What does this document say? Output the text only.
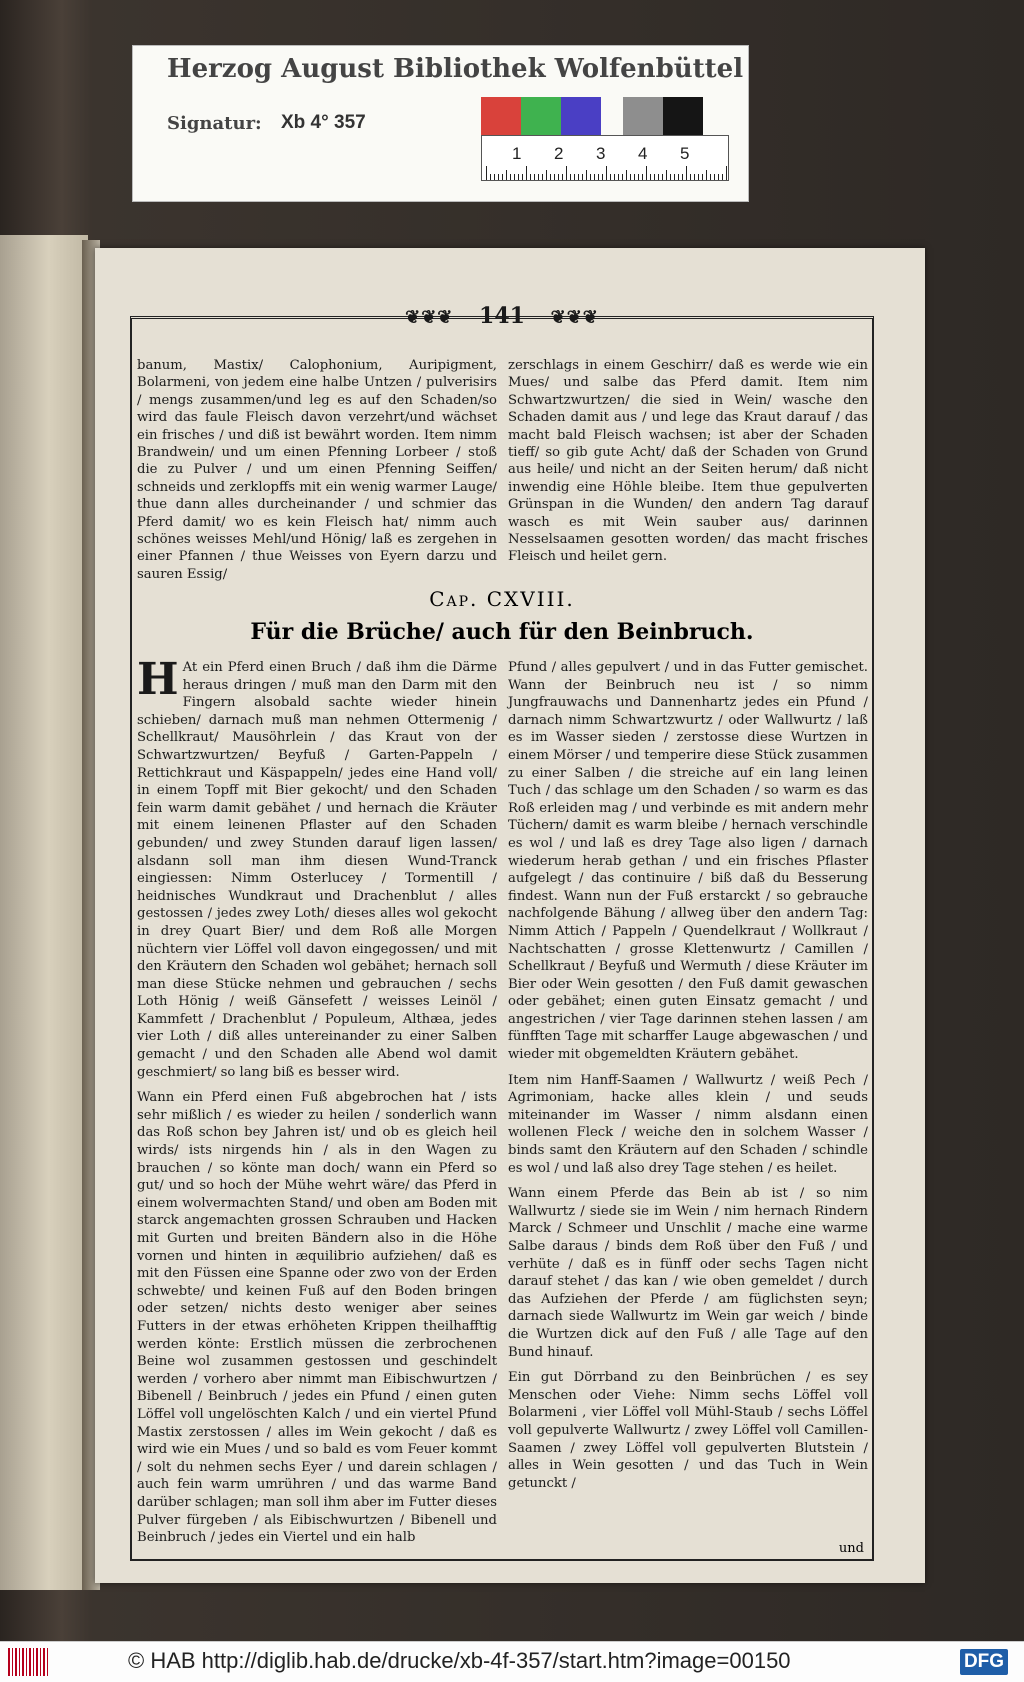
❦❦❦ 141 ❦❦❦

banum, Mastix/ Calophonium, Auripigment, Bolarmeni, von jedem eine halbe Untzen / pulverisirs / mengs zusammen/und leg es auf den Schaden/so wird das faule Fleisch davon verzehrt/und wächset ein frisches / und diß ist bewährt worden. Item nimm Brandwein/ und um einen Pfenning Lorbeer / stoß die zu Pulver / und um einen Pfenning Seiffen/ schneids und zerklopffs mit ein wenig warmer Lauge/ thue dann alles durcheinander / und schmier das Pferd damit/ wo es kein Fleisch hat/ nimm auch schönes weisses Mehl/und Hönig/ laß es zergehen in einer Pfannen / thue Weisses von Eyern darzu und sauren Essig/

zerschlags in einem Geschirr/ daß es werde wie ein Mues/ und salbe das Pferd damit. Item nim Schwartzwurtzen/ die sied in Wein/ wasche den Schaden damit aus / und lege das Kraut darauf / das macht bald Fleisch wachsen; ist aber der Schaden tieff/ so gib gute Acht/ daß der Schaden von Grund aus heile/ und nicht an der Seiten herum/ daß nicht inwendig eine Höhle bleibe. Item thue gepulverten Grünspan in die Wunden/ den andern Tag darauf wasch es mit Wein sauber aus/ darinnen Nesselsaamen gesotten worden/ das macht frisches Fleisch und heilet gern.

Cap. CXVIII.
Für die Brüche/ auch für den Beinbruch.

H At ein Pferd einen Bruch / daß ihm die Därme heraus dringen / muß man den Darm mit den Fingern alsobald sachte wieder hinein schieben/ darnach muß man nehmen Ottermenig / Schellkraut/ Mausöhrlein / das Kraut von der Schwartzwurtzen/ Beyfuß / Garten-Pappeln / Rettichkraut und Käspappeln/ jedes eine Hand voll/ in einem Topff mit Bier gekocht/ und den Schaden fein warm damit gebähet / und hernach die Kräuter mit einem leinenen Pflaster auf den Schaden gebunden/ und zwey Stunden darauf ligen lassen/ alsdann soll man ihm diesen Wund-Tranck eingiessen: Nimm Osterlucey / Tormentill / heidnisches Wundkraut und Drachenblut / alles gestossen / jedes zwey Loth/ dieses alles wol gekocht in drey Quart Bier/ und dem Roß alle Morgen nüchtern vier Löffel voll davon eingegossen/ und mit den Kräutern den Schaden wol gebähet; hernach soll man diese Stücke nehmen und gebrauchen / sechs Loth Hönig / weiß Gänsefett / weisses Leinöl / Kammfett / Drachenblut / Populeum, Althæa, jedes vier Loth / diß alles untereinander zu einer Salben gemacht / und den Schaden alle Abend wol damit geschmiert/ so lang biß es besser wird.

Wann ein Pferd einen Fuß abgebrochen hat / ists sehr mißlich / es wieder zu heilen / sonderlich wann das Roß schon bey Jahren ist/ und ob es gleich heil wirds/ ists nirgends hin / als in den Wagen zu brauchen / so könte man doch/ wann ein Pferd so gut/ und so hoch der Mühe wehrt wäre/ das Pferd in einem wolvermachten Stand/ und oben am Boden mit starck angemachten grossen Schrauben und Hacken mit Gurten und breiten Bändern also in die Höhe vornen und hinten in æquilibrio aufziehen/ daß es mit den Füssen eine Spanne oder zwo von der Erden schwebte/ und keinen Fuß auf den Boden bringen oder setzen/ nichts desto weniger aber seines Futters in der etwas erhöheten Krippen theilhafftig werden könte: Erstlich müssen die zerbrochenen Beine wol zusammen gestossen und geschindelt werden / vorhero aber nimmt man Eibischwurtzen / Bibenell / Beinbruch / jedes ein Pfund / einen guten Löffel voll ungelöschten Kalch / und ein viertel Pfund Mastix zerstossen / alles im Wein gekocht / daß es wird wie ein Mues / und so bald es vom Feuer kommt / solt du nehmen sechs Eyer / und darein schlagen / auch fein warm umrühren / und das warme Band darüber schlagen; man soll ihm aber im Futter dieses Pulver fürgeben / als Eibischwurtzen / Bibenell und Beinbruch / jedes ein Viertel und ein halb

Pfund / alles gepulvert / und in das Futter gemischet. Wann der Beinbruch neu ist / so nimm Jungfrauwachs und Dannenhartz jedes ein Pfund / darnach nimm Schwartzwurtz / oder Wallwurtz / laß es im Wasser sieden / zerstosse diese Wurtzen in einem Mörser / und temperire diese Stück zusammen zu einer Salben / die streiche auf ein lang leinen Tuch / das schlage um den Schaden / so warm es das Roß erleiden mag / und verbinde es mit andern mehr Tüchern/ damit es warm bleibe / hernach verschindle es wol / und laß es drey Tage also ligen / darnach wiederum herab gethan / und ein frisches Pflaster aufgelegt / das continuire / biß daß du Besserung findest. Wann nun der Fuß erstarckt / so gebrauche nachfolgende Bähung / allweg über den andern Tag: Nimm Attich / Pappeln / Quendelkraut / Wollkraut / Nachtschatten / grosse Klettenwurtz / Camillen / Schellkraut / Beyfuß und Wermuth / diese Kräuter im Bier oder Wein gesotten / den Fuß damit gewaschen oder gebähet; einen guten Einsatz gemacht / und angestrichen / vier Tage darinnen stehen lassen / am fünfften Tage mit scharffer Lauge abgewaschen / und wieder mit obgemeldten Kräutern gebähet.

Item nim Hanff-Saamen / Wallwurtz / weiß Pech / Agrimoniam, hacke alles klein / und seuds miteinander im Wasser / nimm alsdann einen wollenen Fleck / weiche den in solchem Wasser / binds samt den Kräutern auf den Schaden / schindle es wol / und laß also drey Tage stehen / es heilet.

Wann einem Pferde das Bein ab ist / so nim Wallwurtz / siede sie im Wein / nim hernach Rindern Marck / Schmeer und Unschlit / mache eine warme Salbe daraus / binds dem Roß über den Fuß / und verhüte / daß es in fünff oder sechs Tagen nicht darauf stehet / das kan / wie oben gemeldet / durch das Aufziehen der Pferde / am füglichsten seyn; darnach siede Wallwurtz im Wein gar weich / binde die Wurtzen dick auf den Fuß / alle Tage auf den Bund hinauf.

Ein gut Dörrband zu den Beinbrüchen / es sey Menschen oder Viehe: Nimm sechs Löffel voll Bolarmeni , vier Löffel voll Mühl-Staub / sechs Löffel voll gepulverte Wallwurtz / zwey Löffel voll Camillen-Saamen / zwey Löffel voll gepulverten Blutstein / alles in Wein gesotten / und das Tuch in Wein getunckt /

und
Herzog August Bibliothek Wolfenbüttel
Signatur: Xb 4° 357
1 2 3 4 5
© HAB http://diglib.hab.de/drucke/xb-4f-357/start.htm?image=00150	DFG
